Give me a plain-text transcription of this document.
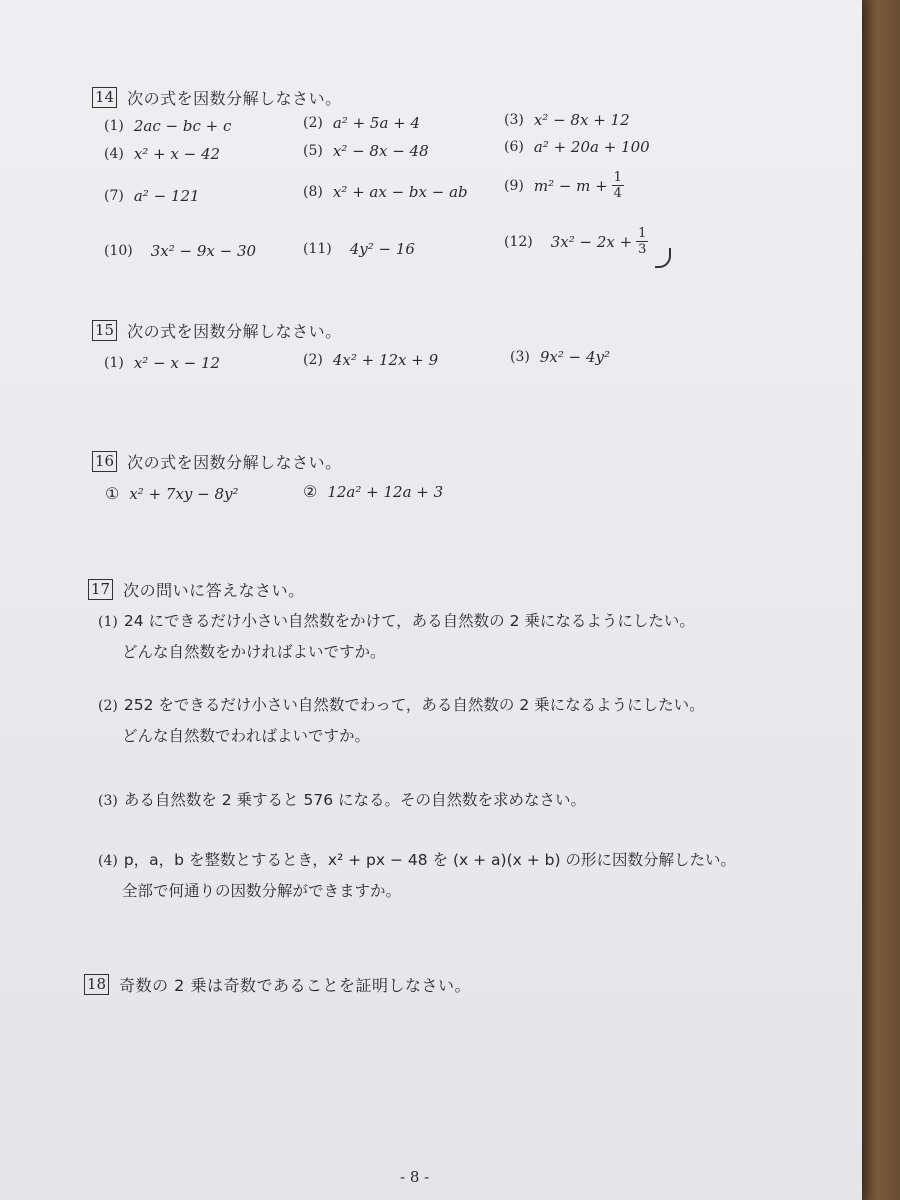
14 次の式を因数分解しなさい。
(1) 2ac − bc + c	(2) a² + 5a + 4	(3) x² − 8x + 12
(4) x² + x − 42	(5) x² − 8x − 48	(6) a² + 20a + 100
(7) a² − 121	(8) x² + ax − bx − ab	(9) $m^2 - m + \frac{1}{4}$
(10) 3x² − 9x − 30	(11) 4y² − 16	(12) $3x^2 - 2x + \frac{1}{3}$
15 次の式を因数分解しなさい。
(1) x² − x − 12	(2) 4x² + 12x + 9	(3) 9x² − 4y²
16 次の式を因数分解しなさい。
① x² + 7xy − 8y²	② 12a² + 12a + 3
17 次の問いに答えなさい。
(1) 24 にできるだけ小さい自然数をかけて，ある自然数の 2 乗になるようにしたい。
どんな自然数をかければよいですか。
(2) 252 をできるだけ小さい自然数でわって，ある自然数の 2 乗になるようにしたい。
どんな自然数でわればよいですか。
(3) ある自然数を 2 乗すると 576 になる。その自然数を求めなさい。
(4) p，a，b を整数とするとき，x² + px − 48 を (x + a)(x + b) の形に因数分解したい。
全部で何通りの因数分解ができますか。
18 奇数の 2 乗は奇数であることを証明しなさい。
- 8 -
